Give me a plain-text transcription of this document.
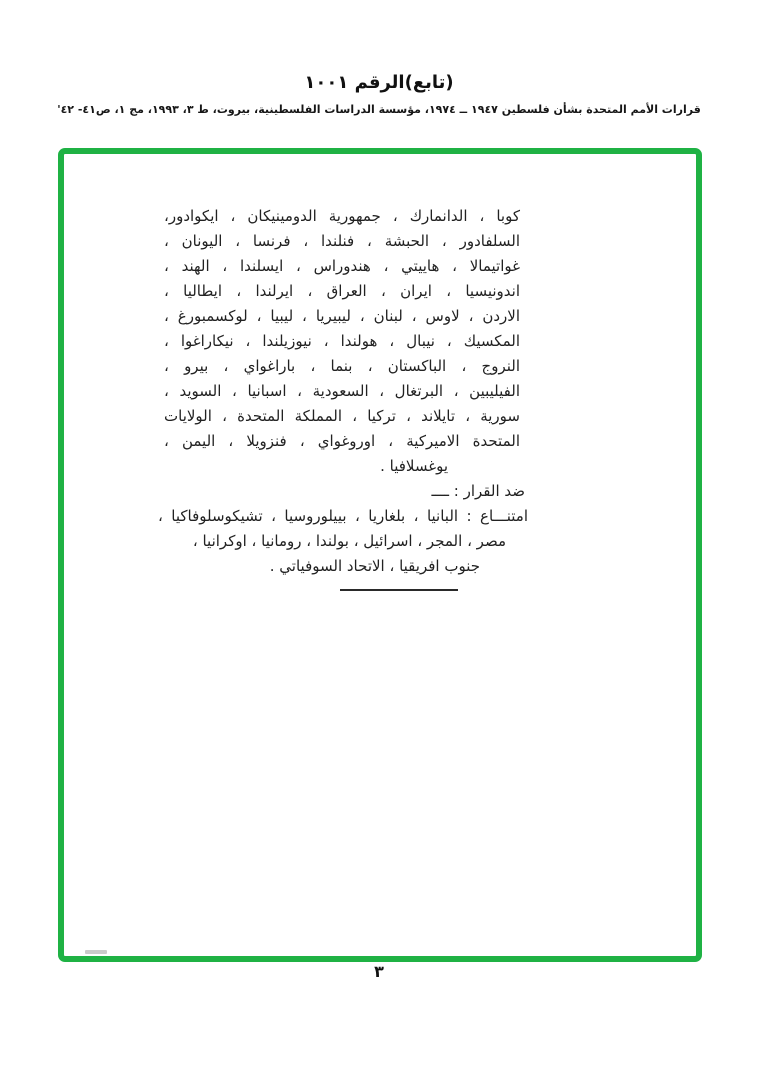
(تابع)الرقم ١٠٠١
قرارات الأمم المتحدة بشأن فلسطين ١٩٤٧ ــ ١٩٧٤، مؤسسة الدراسات الفلسطينية، بيروت، ط ٣، ١٩٩٣، مج ١، ص٤١- ٤٢'
كوبا ، الدانمارك ، جمهورية الدومينيكان ، ايكوادور،
السلفادور ، الحبشة ، فنلندا ، فرنسا ، اليونان ،
غواتيمالا ، هاييتي ، هندوراس ، ايسلندا ، الهند ،
اندونيسيا ، ايران ، العراق ، ايرلندا ، ايطاليا ،
الاردن ، لاوس ، لبنان ، ليبيريا ، ليبيا ، لوكسمبورغ ،
المكسيك ، نيبال ، هولندا ، نيوزيلندا ، نيكاراغوا ،
النروج ، الباكستان ، بنما ، باراغواي ، بيرو ،
الفيليبين ، البرتغال ، السعودية ، اسبانيا ، السويد ،
سورية ، تايلاند ، تركيا ، المملكة المتحدة ، الولايات
المتحدة الاميركية ، اوروغواي ، فنزويلا ، اليمن ،
يوغسلافيا .
ضد القرار : ــــ
امتنـــاع : البانيا ، بلغاريا ، بييلوروسيا ، تشيكوسلوفاكيا ،
مصر ، المجر ، اسرائيل ، بولندا ، رومانيا ، اوكرانيا ،
جنوب افريقيا ، الاتحاد السوفياتي .
٣
